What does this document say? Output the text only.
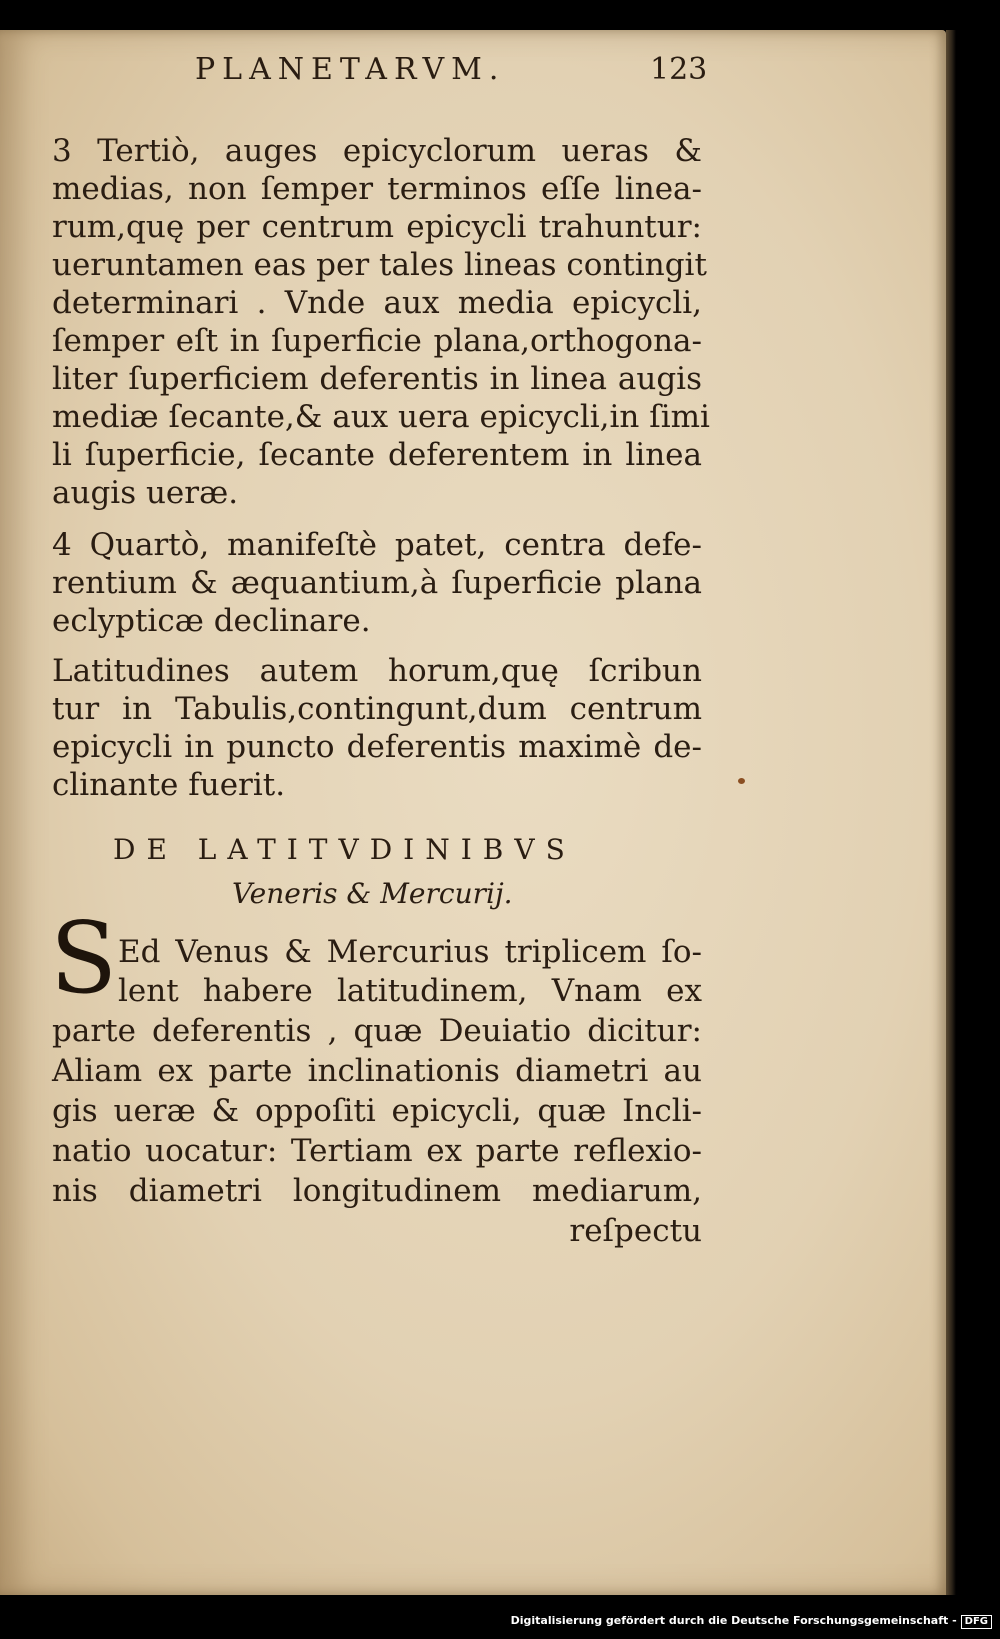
PLANETARVM.	123
3 Tertiò, auges epicyclorum ueras &
medias, non ſemper terminos eſſe linea-
rum,quę per centrum epicycli trahuntur:
ueruntamen eas per tales lineas contingit
determinari . Vnde aux media epicycli,
ſemper eſt in ſuperficie plana,orthogona-
liter ſuperficiem deferentis in linea augis
mediæ ſecante,& aux uera epicycli,in ſimi
li ſuperficie, ſecante deferentem in linea
augis ueræ.
4 Quartò, manifeſtè patet, centra defe-
rentium & æquantium,à ſuperficie plana
eclypticæ declinare.
Latitudines autem horum,quę ſcribun
tur in Tabulis,contingunt,dum centrum
epicycli in puncto deferentis maximè de-
clinante fuerit.
DE LATITVDINIBVS
Veneris & Mercurij.
S Ed Venus & Mercurius triplicem ſo-
lent habere latitudinem, Vnam ex
parte deferentis , quæ Deuiatio dicitur:
Aliam ex parte inclinationis diametri au
gis ueræ & oppoſiti epicycli, quæ Incli-
natio uocatur: Tertiam ex parte reflexio-
nis diametri longitudinem mediarum,
reſpectu
Digitalisierung gefördert durch die Deutsche Forschungsgemeinschaft - DFG
